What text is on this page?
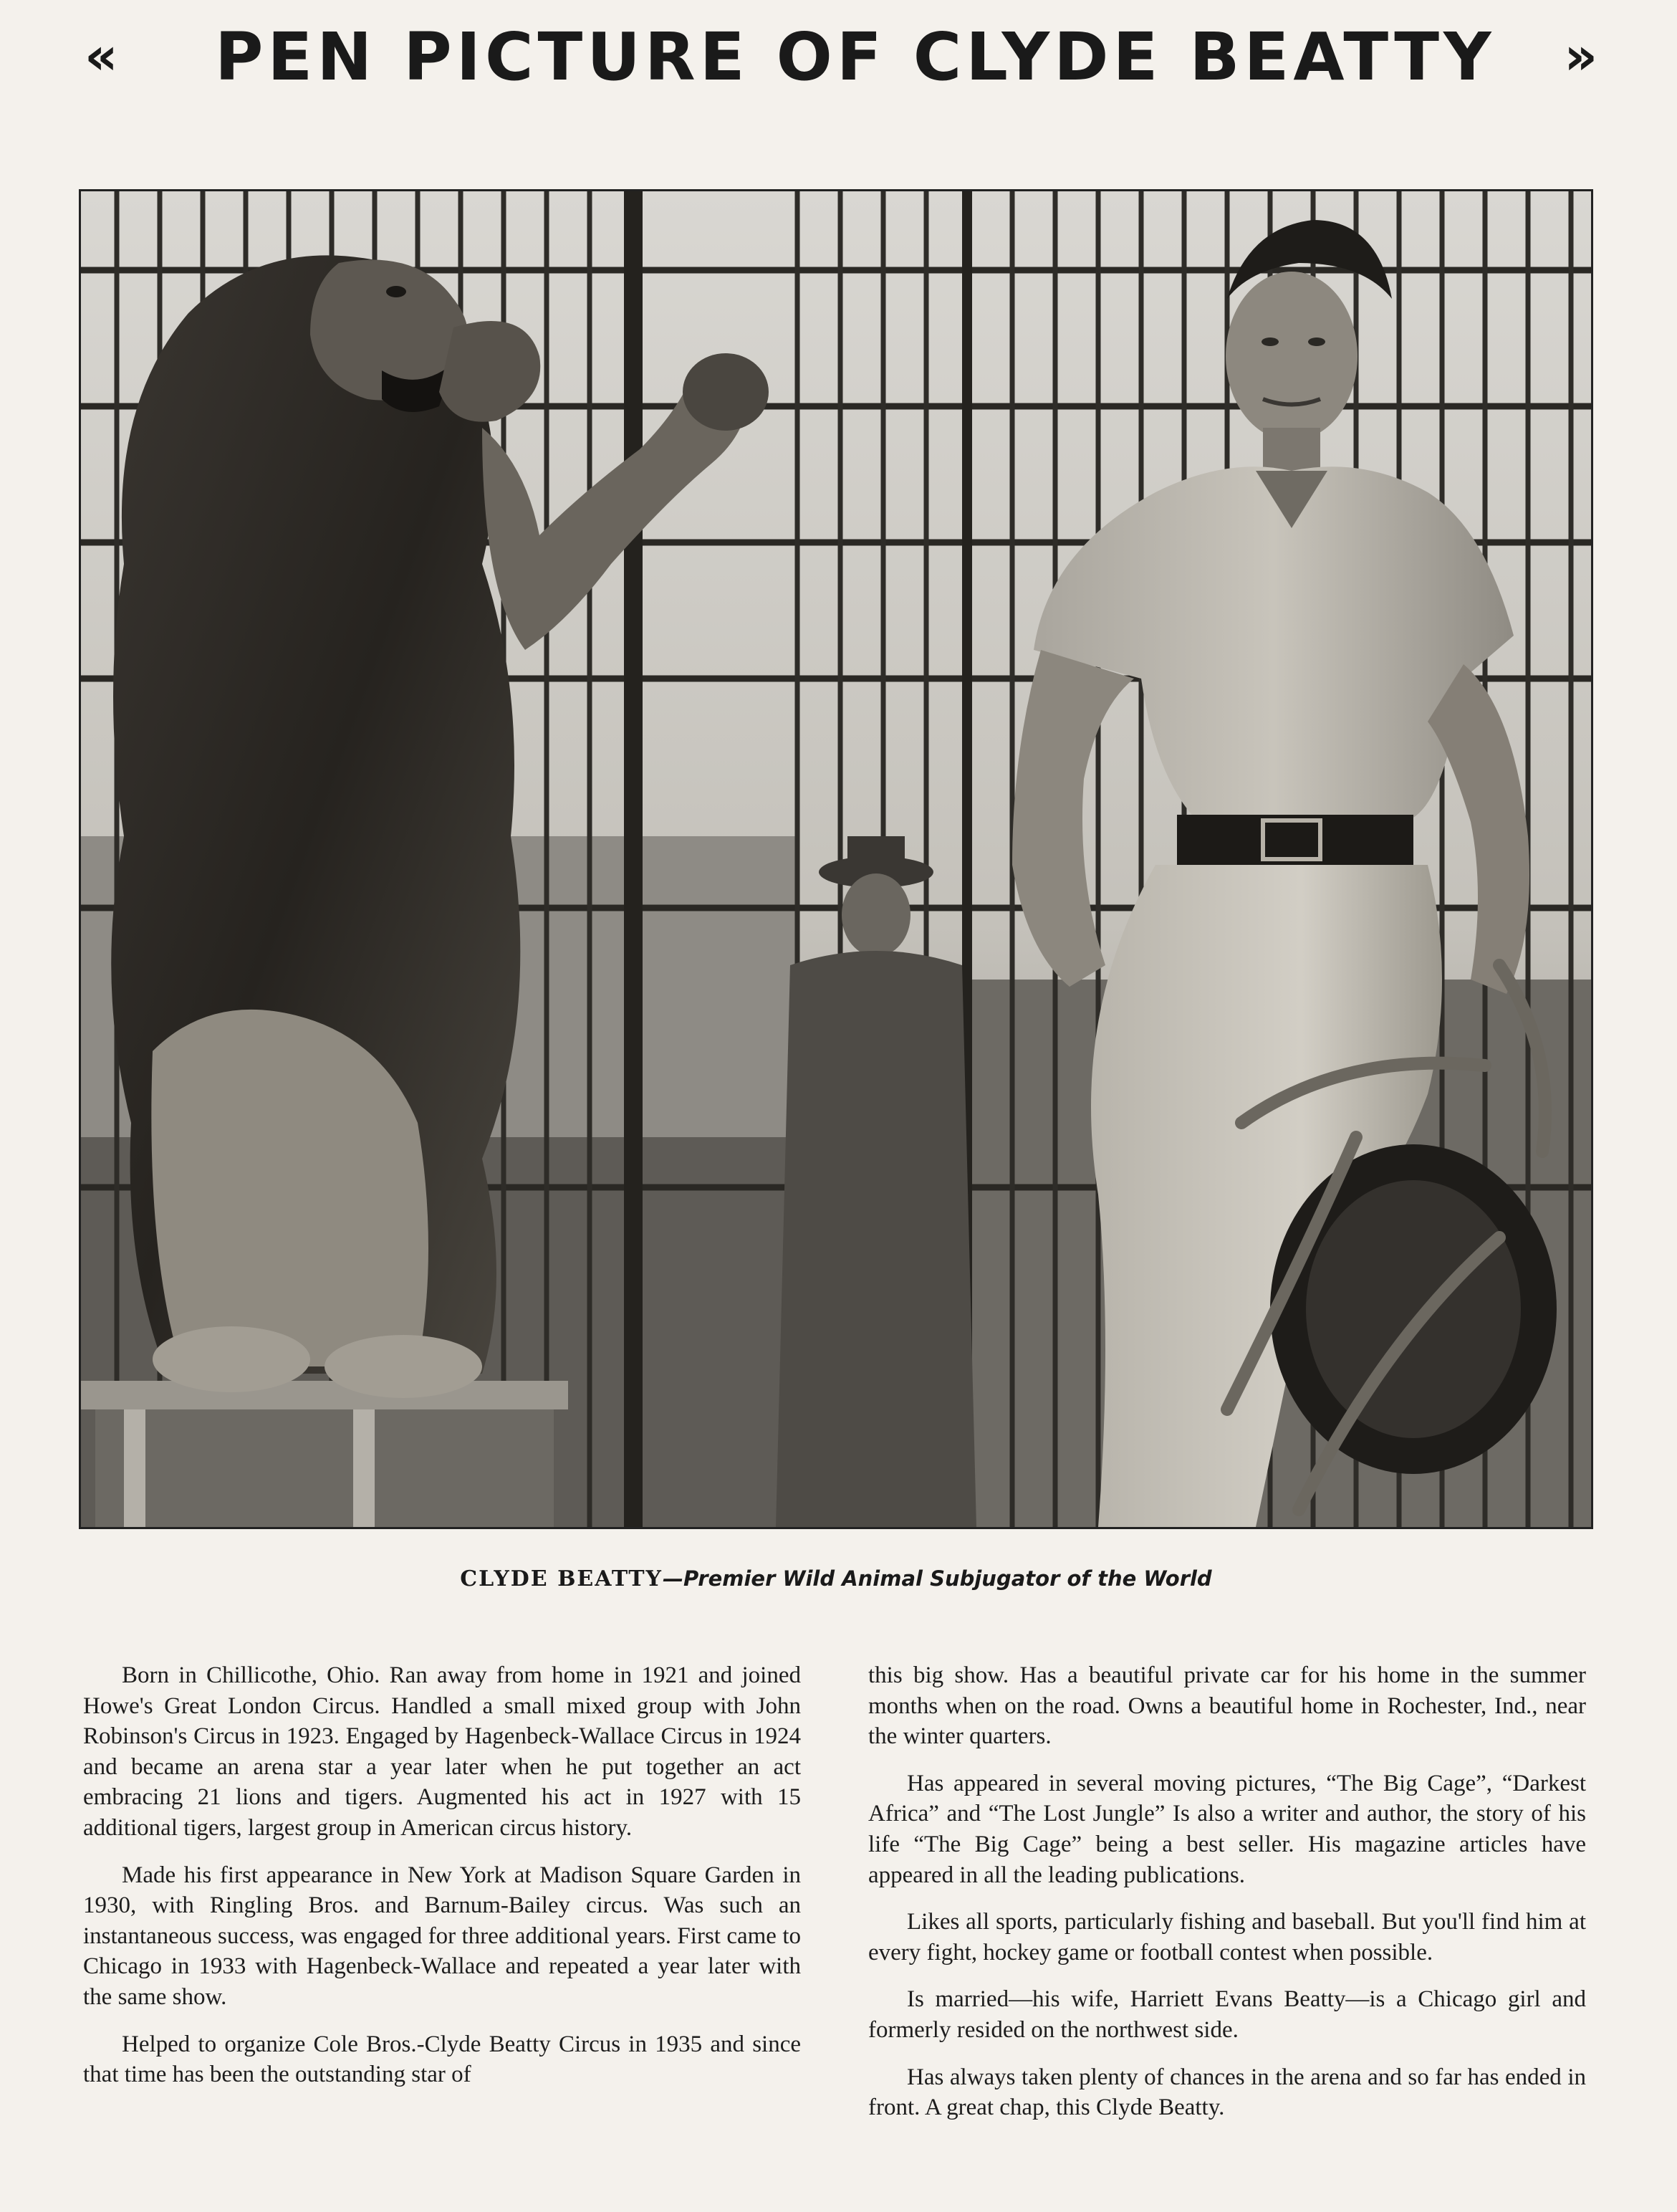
« PEN PICTURE OF CLYDE BEATTY »
CLYDE BEATTY—Premier Wild Animal Subjugator of the World

Born in Chillicothe, Ohio. Ran away from home in 1921 and joined Howe's Great London Circus. Handled a small mixed group with John Robinson's Circus in 1923. Engaged by Hagenbeck-Wallace Circus in 1924 and became an arena star a year later when he put together an act embracing 21 lions and tigers. Augmented his act in 1927 with 15 additional tigers, largest group in American circus history.

Made his first appearance in New York at Madison Square Garden in 1930, with Ringling Bros. and Barnum-Bailey circus. Was such an instantaneous success, was engaged for three additional years. First came to Chicago in 1933 with Hagenbeck-Wallace and repeated a year later with the same show.

Helped to organize Cole Bros.-Clyde Beatty Circus in 1935 and since that time has been the outstanding star of

this big show. Has a beautiful private car for his home in the summer months when on the road. Owns a beautiful home in Rochester, Ind., near the winter quarters.

Has appeared in several moving pictures, “The Big Cage”, “Darkest Africa” and “The Lost Jungle” Is also a writer and author, the story of his life “The Big Cage” being a best seller. His magazine articles have appeared in all the leading publications.

Likes all sports, particularly fishing and baseball. But you'll find him at every fight, hockey game or football contest when possible.

Is married—his wife, Harriett Evans Beatty—is a Chicago girl and formerly resided on the northwest side.

Has always taken plenty of chances in the arena and so far has ended in front. A great chap, this Clyde Beatty.
